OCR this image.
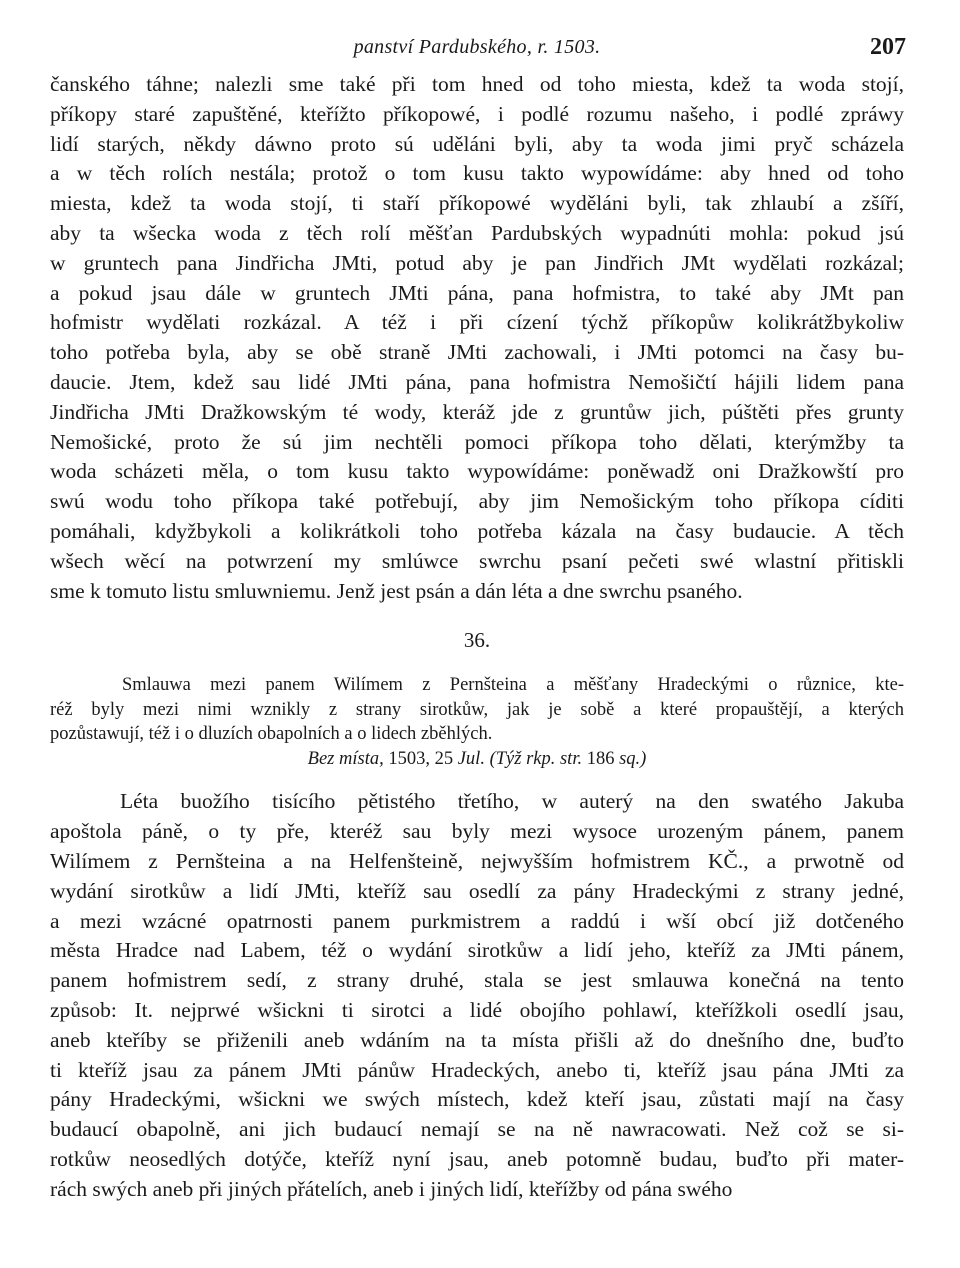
panství Pardubského, r. 1503.	207

čanského táhne; nalezli sme také při tom hned od toho miesta, kdež ta woda stojí,
příkopy staré zapuštěné, kteřížto příkopowé, i podlé rozumu našeho, i podlé zpráwy
lidí starých, někdy dáwno proto sú uděláni byli, aby ta woda jimi pryč scházela
a w těch rolích nestála; protož o tom kusu takto wypowídáme: aby hned od toho
miesta, kdež ta woda stojí, ti staří příkopowé wyděláni byli, tak zhlaubí a zšíří,
aby ta wšecka woda z těch rolí měšťan Pardubských wypadnúti mohla: pokud jsú
w gruntech pana Jindřicha JMti, potud aby je pan Jindřich JMt wydělati rozkázal;
a pokud jsau dále w gruntech JMti pána, pana hofmistra, to také aby JMt pan
hofmistr wydělati rozkázal. A též i při cízení týchž příkopůw kolikrátžbykoliw
toho potřeba byla, aby se obě straně JMti zachowali, i JMti potomci na časy bu-
daucie. Jtem, kdež sau lidé JMti pána, pana hofmistra Nemošičtí hájili lidem pana
Jindřicha JMti Dražkowským té wody, kteráž jde z gruntůw jich, púštěti přes grunty
Nemošické, proto že sú jim nechtěli pomoci příkopa toho dělati, kterýmžby ta
woda scházeti měla, o tom kusu takto wypowídáme: poněwadž oni Dražkowští pro
swú wodu toho příkopa také potřebují, aby jim Nemošickým toho příkopa cíditi
pomáhali, kdyžbykoli a kolikrátkoli toho potřeba kázala na časy budaucie. A těch
wšech wěcí na potwrzení my smlúwce swrchu psaní pečeti swé wlastní přitiskli
sme k tomuto listu smluwniemu. Jenž jest psán a dán léta a dne swrchu psaného.

36.

Smlauwa mezi panem Wilímem z Pernšteina a měšťany Hradeckými o různice, kte-
réž byly mezi nimi wznikly z strany sirotkůw, jak je sobě a které propauštějí, a kterých
pozůstawují, též i o dluzích obapolních a o lidech zběhlých.

Bez místa, 1503, 25 Jul. (Týž rkp. str. 186 sq.)

Léta buožího tisícího pětistého třetího, w auterý na den swatého Jakuba
apoštola páně, o ty pře, kteréž sau byly mezi wysoce urozeným pánem, panem
Wilímem z Pernšteina a na Helfenšteině, nejwyšším hofmistrem KČ., a prwotně od
wydání sirotkůw a lidí JMti, kteříž sau osedlí za pány Hradeckými z strany jedné,
a mezi wzácné opatrnosti panem purkmistrem a raddú i wší obcí již dotčeného
města Hradce nad Labem, též o wydání sirotkůw a lidí jeho, kteříž za JMti pánem,
panem hofmistrem sedí, z strany druhé, stala se jest smlauwa konečná na tento
způsob: It. nejprwé wšickni ti sirotci a lidé obojího pohlawí, kteřížkoli osedlí jsau,
aneb kteříby se přiženili aneb wdáním na ta místa přišli až do dnešního dne, buďto
ti kteříž jsau za pánem JMti pánůw Hradeckých, anebo ti, kteříž jsau pána JMti za
pány Hradeckými, wšickni we swých místech, kdež kteří jsau, zůstati mají na časy
budaucí obapolně, ani jich budaucí nemají se na ně nawracowati. Než což se si-
rotkůw neosedlých dotýče, kteříž nyní jsau, aneb potomně budau, buďto při mater-
rách swých aneb při jiných přátelích, aneb i jiných lidí, kteřížby od pána swého
